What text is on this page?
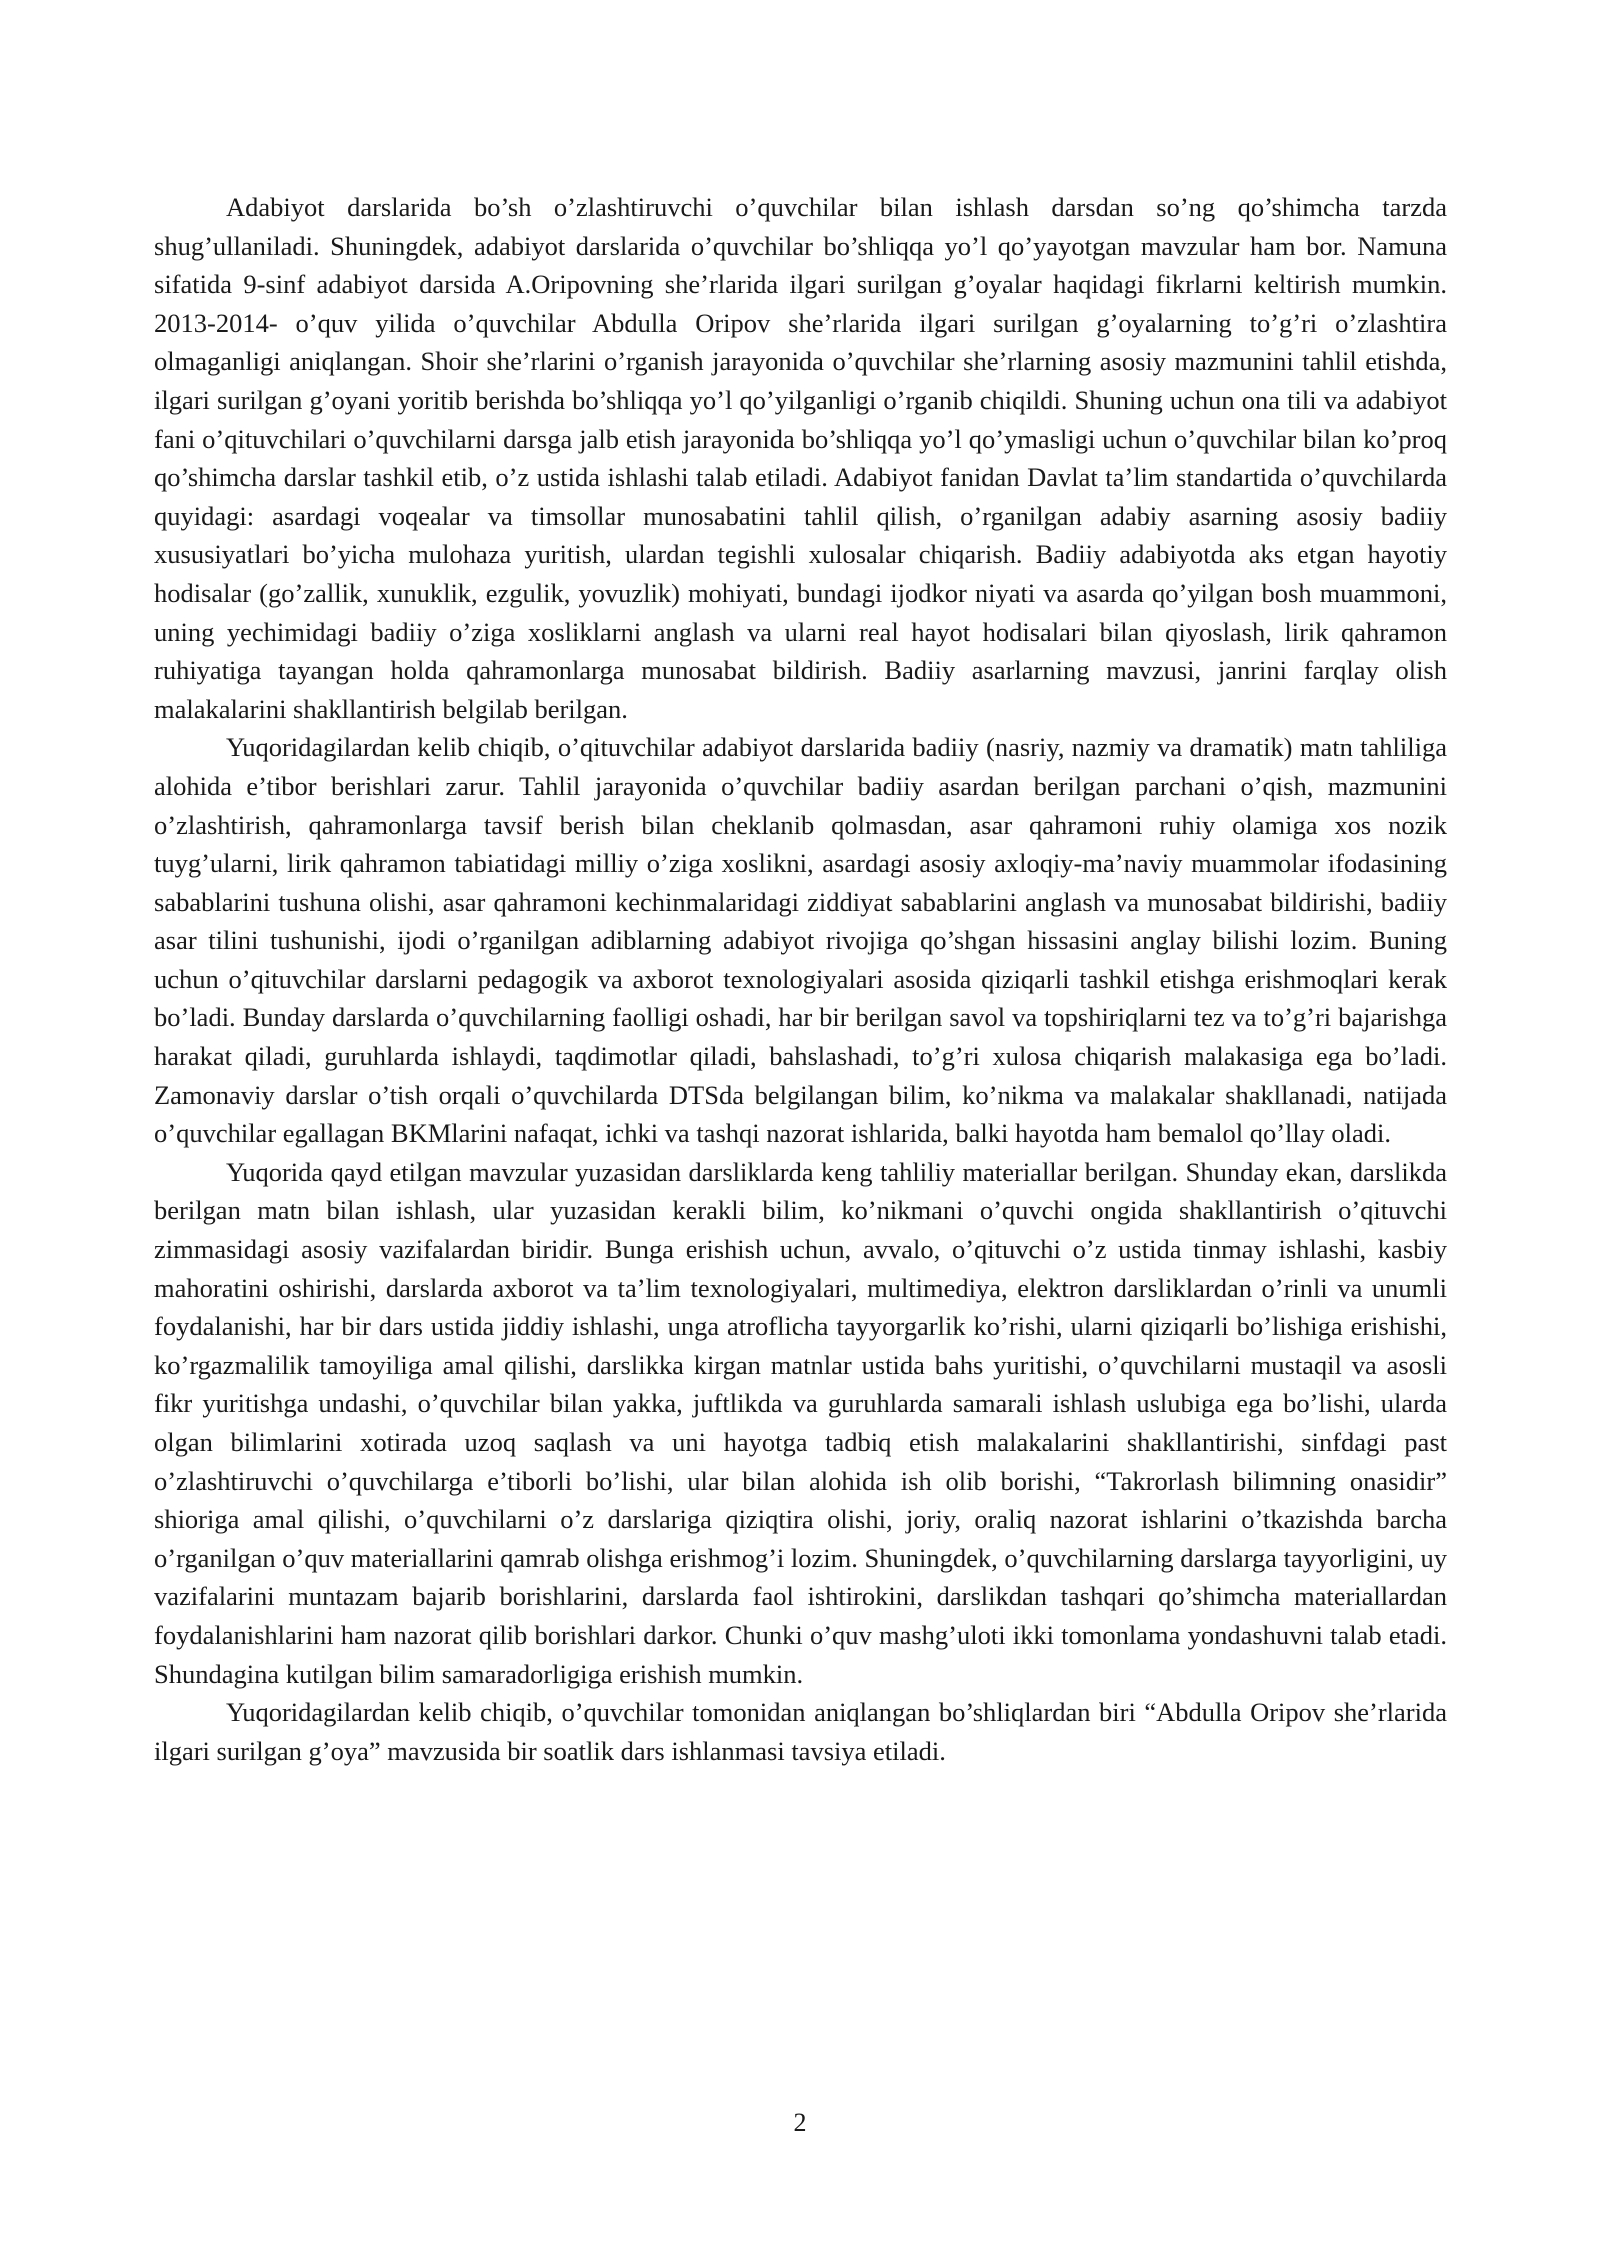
Adabiyot darslarida bo’sh o’zlashtiruvchi o’quvchilar bilan ishlash darsdan so’ng qo’shimcha tarzda shug’ullaniladi. Shuningdek, adabiyot darslarida o’quvchilar bo’shliqqa yo’l qo’yayotgan mavzular ham bor. Namuna sifatida 9-sinf adabiyot darsida A.Oripovning she’rlarida ilgari surilgan g’oyalar haqidagi fikrlarni keltirish mumkin. 2013-2014- o’quv yilida o’quvchilar Abdulla Oripov she’rlarida ilgari surilgan g’oyalarning to’g’ri o’zlashtira olmaganligi aniqlangan. Shoir she’rlarini o’rganish jarayonida o’quvchilar she’rlarning asosiy mazmunini tahlil etishda, ilgari surilgan g’oyani yoritib berishda bo’shliqqa yo’l qo’yilganligi o’rganib chiqildi. Shuning uchun ona tili va adabiyot fani o’qituvchilari o’quvchilarni darsga jalb etish jarayonida bo’shliqqa yo’l qo’ymasligi uchun o’quvchilar bilan ko’proq qo’shimcha darslar tashkil etib, o’z ustida ishlashi talab etiladi. Adabiyot fanidan Davlat ta’lim standartida o’quvchilarda quyidagi: asardagi voqealar va timsollar munosabatini tahlil qilish, o’rganilgan adabiy asarning asosiy badiiy xususiyatlari bo’yicha mulohaza yuritish, ulardan tegishli xulosalar chiqarish. Badiiy adabiyotda aks etgan hayotiy hodisalar (go’zallik, xunuklik, ezgulik, yovuzlik) mohiyati, bundagi ijodkor niyati va asarda qo’yilgan bosh muammoni, uning yechimidagi badiiy o’ziga xosliklarni anglash va ularni real hayot hodisalari bilan qiyoslash, lirik qahramon ruhiyatiga tayangan holda qahramonlarga munosabat bildirish. Badiiy asarlarning mavzusi, janrini farqlay olish malakalarini shakllantirish belgilab berilgan.

Yuqoridagilardan kelib chiqib, o’qituvchilar adabiyot darslarida badiiy (nasriy, nazmiy va dramatik) matn tahliliga alohida e’tibor berishlari zarur. Tahlil jarayonida o’quvchilar badiiy asardan berilgan parchani o’qish, mazmunini o’zlashtirish, qahramonlarga tavsif berish bilan cheklanib qolmasdan, asar qahramoni ruhiy olamiga xos nozik tuyg’ularni, lirik qahramon tabiatidagi milliy o’ziga xoslikni, asardagi asosiy axloqiy-ma’naviy muammolar ifodasining sabablarini tushuna olishi, asar qahramoni kechinmalaridagi ziddiyat sabablarini anglash va munosabat bildirishi, badiiy asar tilini tushunishi, ijodi o’rganilgan adiblarning adabiyot rivojiga qo’shgan hissasini anglay bilishi lozim. Buning uchun o’qituvchilar darslarni pedagogik va axborot texnologiyalari asosida qiziqarli tashkil etishga erishmoqlari kerak bo’ladi. Bunday darslarda o’quvchilarning faolligi oshadi, har bir berilgan savol va topshiriqlarni tez va to’g’ri bajarishga harakat qiladi, guruhlarda ishlaydi, taqdimotlar qiladi, bahslashadi, to’g’ri xulosa chiqarish malakasiga ega bo’ladi. Zamonaviy darslar o’tish orqali o’quvchilarda DTSda belgilangan bilim, ko’nikma va malakalar shakllanadi, natijada o’quvchilar egallagan BKMlarini nafaqat, ichki va tashqi nazorat ishlarida, balki hayotda ham bemalol qo’llay oladi.

Yuqorida qayd etilgan mavzular yuzasidan darsliklarda keng tahliliy materiallar berilgan. Shunday ekan, darslikda berilgan matn bilan ishlash, ular yuzasidan kerakli bilim, ko’nikmani o’quvchi ongida shakllantirish o’qituvchi zimmasidagi asosiy vazifalardan biridir. Bunga erishish uchun, avvalo, o’qituvchi o’z ustida tinmay ishlashi, kasbiy mahoratini oshirishi, darslarda axborot va ta’lim texnologiyalari, multimediya, elektron darsliklardan o’rinli va unumli foydalanishi, har bir dars ustida jiddiy ishlashi, unga atroflicha tayyorgarlik ko’rishi, ularni qiziqarli bo’lishiga erishishi, ko’rgazmalilik tamoyiliga amal qilishi, darslikka kirgan matnlar ustida bahs yuritishi, o’quvchilarni mustaqil va asosli fikr yuritishga undashi, o’quvchilar bilan yakka, juftlikda va guruhlarda samarali ishlash uslubiga ega bo’lishi, ularda olgan bilimlarini xotirada uzoq saqlash va uni hayotga tadbiq etish malakalarini shakllantirishi, sinfdagi past o’zlashtiruvchi o’quvchilarga e’tiborli bo’lishi, ular bilan alohida ish olib borishi, “Takrorlash bilimning onasidir” shioriga amal qilishi, o’quvchilarni o’z darslariga qiziqtira olishi, joriy, oraliq nazorat ishlarini o’tkazishda barcha o’rganilgan o’quv materiallarini qamrab olishga erishmog’i lozim. Shuningdek, o’quvchilarning darslarga tayyorligini, uy vazifalarini muntazam bajarib borishlarini, darslarda faol ishtirokini, darslikdan tashqari qo’shimcha materiallardan foydalanishlarini ham nazorat qilib borishlari darkor. Chunki o’quv mashg’uloti ikki tomonlama yondashuvni talab etadi. Shundagina kutilgan bilim samaradorligiga erishish mumkin.

Yuqoridagilardan kelib chiqib, o’quvchilar tomonidan aniqlangan bo’shliqlardan biri “Abdulla Oripov she’rlarida ilgari surilgan g’oya” mavzusida bir soatlik dars ishlanmasi tavsiya etiladi.

2
